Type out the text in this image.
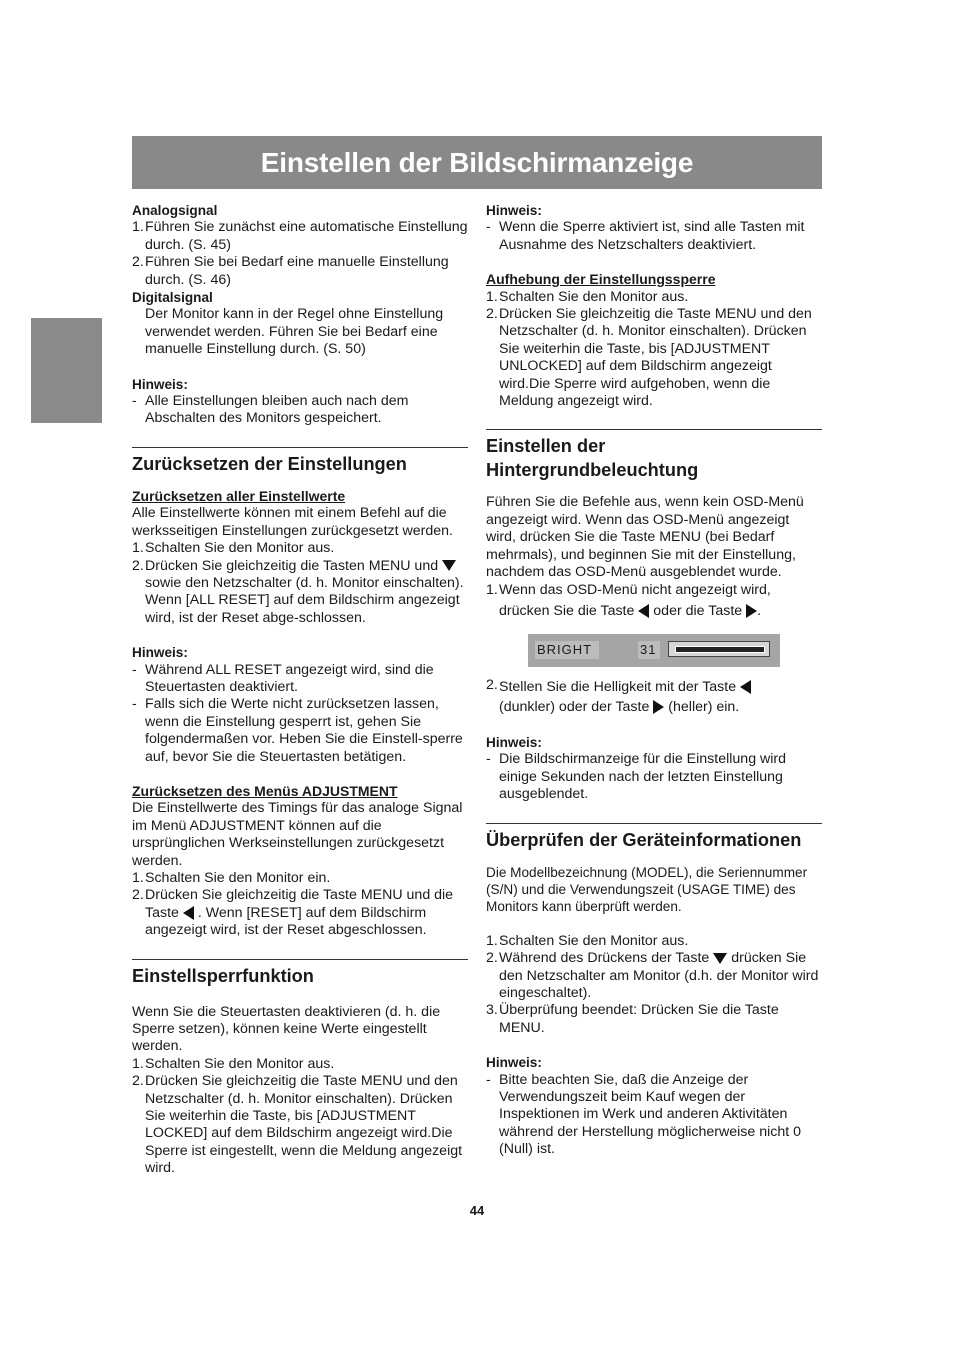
Einstellen der Bildschirmanzeige
Analogsignal
1. Führen Sie zunächst eine automatische Einstellung durch. (S. 45)
2. Führen Sie bei Bedarf eine manuelle Einstellung durch. (S. 46)
Digitalsignal
Der Monitor kann in der Regel ohne Einstellung verwendet werden. Führen Sie bei Bedarf eine manuelle Einstellung durch. (S. 50)
Hinweis:
- Alle Einstellungen bleiben auch nach dem Abschalten des Monitors gespeichert.
Zurücksetzen der Einstellungen
Zurücksetzen aller Einstellwerte
Alle Einstellwerte können mit einem Befehl auf die werksseitigen Einstellungen zurückgesetzt werden.
1. Schalten Sie den Monitor aus.
2. Drücken Sie gleichzeitig die Tasten MENU und
sowie den Netzschalter (d. h. Monitor einschalten). Wenn [ALL RESET] auf dem Bildschirm angezeigt wird, ist der Reset abge-schlossen.
Hinweis:
- Während ALL RESET angezeigt wird, sind die Steuertasten deaktiviert.
- Falls sich die Werte nicht zurücksetzen lassen, wenn die Einstellung gesperrt ist, gehen Sie folgendermaßen vor. Heben Sie die Einstell-sperre auf, bevor Sie die Steuertasten betätigen.
Zurücksetzen des Menüs ADJUSTMENT
Die Einstellwerte des Timings für das analoge Signal im Menü ADJUSTMENT können auf die ursprünglichen Werkseinstellungen zurückgesetzt werden.
1. Schalten Sie den Monitor ein.
2. Drücken Sie gleichzeitig die Taste MENU und die Taste . Wenn [RESET] auf dem Bildschirm angezeigt wird, ist der Reset abgeschlossen.
Einstellsperrfunktion
Wenn Sie die Steuertasten deaktivieren (d. h. die Sperre setzen), können keine Werte eingestellt werden.
1. Schalten Sie den Monitor aus.
2. Drücken Sie gleichzeitig die Taste MENU und den Netzschalter (d. h. Monitor einschalten). Drücken Sie weiterhin die Taste, bis [ADJUSTMENT LOCKED] auf dem Bildschirm angezeigt wird.Die Sperre ist eingestellt, wenn die Meldung angezeigt wird.
Hinweis:
- Wenn die Sperre aktiviert ist, sind alle Tasten mit Ausnahme des Netzschalters deaktiviert.
Aufhebung der Einstellungssperre
1. Schalten Sie den Monitor aus.
2. Drücken Sie gleichzeitig die Taste MENU und den Netzschalter (d. h. Monitor einschalten). Drücken Sie weiterhin die Taste, bis [ADJUSTMENT UNLOCKED] auf dem Bildschirm angezeigt wird.Die Sperre wird aufgehoben, wenn die Meldung angezeigt wird.
Einstellen der Hintergrundbeleuchtung
Führen Sie die Befehle aus, wenn kein OSD-Menü angezeigt wird. Wenn das OSD-Menü angezeigt wird, drücken Sie die Taste MENU (bei Bedarf mehrmals), und beginnen Sie mit der Einstellung, nachdem das OSD-Menü ausgeblendet wurde.
1. Wenn das OSD-Menü nicht angezeigt wird,
drücken Sie die Taste oder die Taste .
BRIGHT	31
2. Stellen Sie die Helligkeit mit der Taste
(dunkler) oder der Taste (heller) ein.
Hinweis:
- Die Bildschirmanzeige für die Einstellung wird einige Sekunden nach der letzten Einstellung ausgeblendet.
Überprüfen der Geräteinformationen
Die Modellbezeichnung (MODEL), die Seriennummer (S/N) und die Verwendungszeit (USAGE TIME) des Monitors kann überprüft werden.
1. Schalten Sie den Monitor aus.
2. Während des Drückens der Taste drücken Sie den Netzschalter am Monitor (d.h. der Monitor wird eingeschaltet).
3. Überprüfung beendet: Drücken Sie die Taste MENU.
Hinweis:
- Bitte beachten Sie, daß die Anzeige der Verwendungszeit beim Kauf wegen der Inspektionen im Werk und anderen Aktivitäten während der Herstellung möglicherweise nicht 0 (Null) ist.
44
